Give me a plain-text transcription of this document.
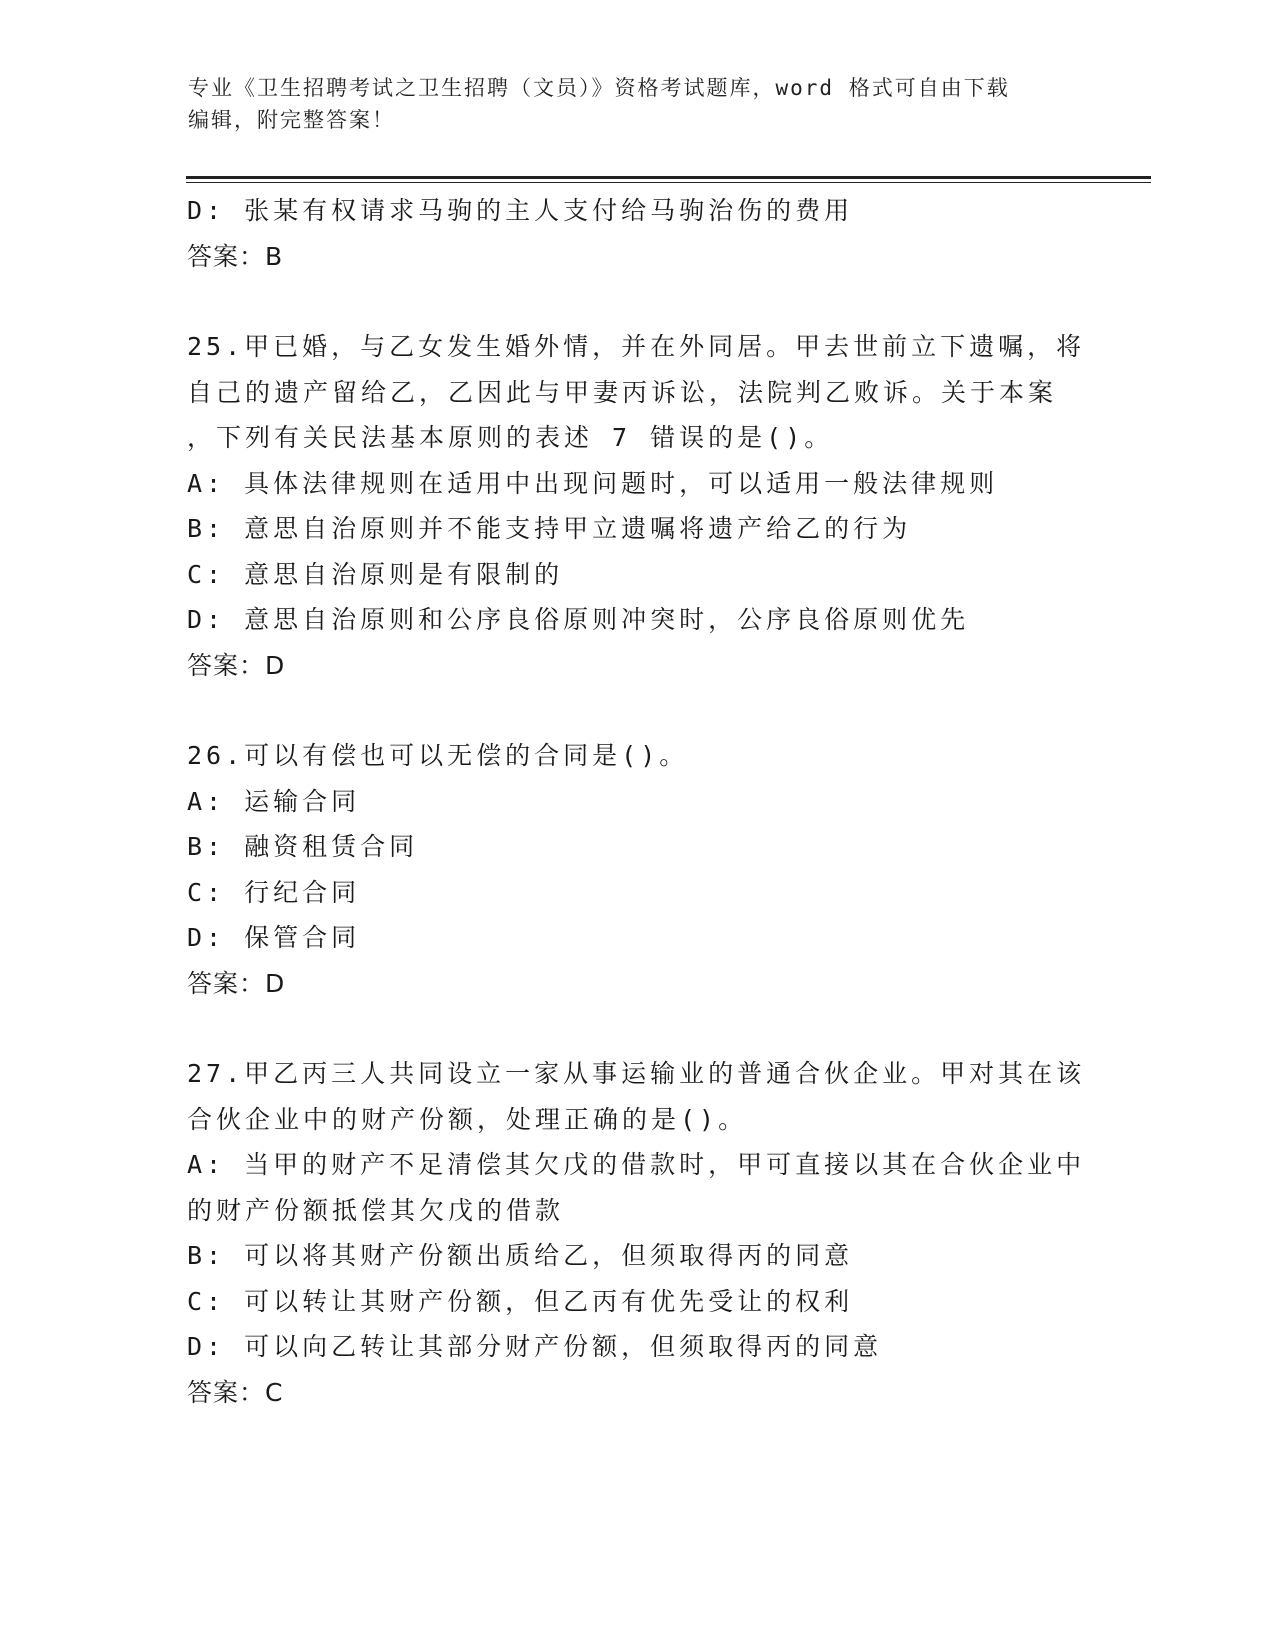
专业《卫生招聘考试之卫生招聘（文员）》资格考试题库，word 格式可自由下载
编辑，附完整答案！
D: 张某有权请求马驹的主人支付给马驹治伤的费用
答案：B
25.甲已婚，与乙女发生婚外情，并在外同居。甲去世前立下遗嘱，将
自己的遗产留给乙，乙因此与甲妻丙诉讼，法院判乙败诉。关于本案
，下列有关民法基本原则的表述 7 错误的是()。
A: 具体法律规则在适用中出现问题时，可以适用一般法律规则
B: 意思自治原则并不能支持甲立遗嘱将遗产给乙的行为
C: 意思自治原则是有限制的
D: 意思自治原则和公序良俗原则冲突时，公序良俗原则优先
答案：D
26.可以有偿也可以无偿的合同是()。
A: 运输合同
B: 融资租赁合同
C: 行纪合同
D: 保管合同
答案：D
27.甲乙丙三人共同设立一家从事运输业的普通合伙企业。甲对其在该
合伙企业中的财产份额，处理正确的是()。
A: 当甲的财产不足清偿其欠戊的借款时，甲可直接以其在合伙企业中
的财产份额抵偿其欠戊的借款
B: 可以将其财产份额出质给乙，但须取得丙的同意
C: 可以转让其财产份额，但乙丙有优先受让的权利
D: 可以向乙转让其部分财产份额，但须取得丙的同意
答案：C
